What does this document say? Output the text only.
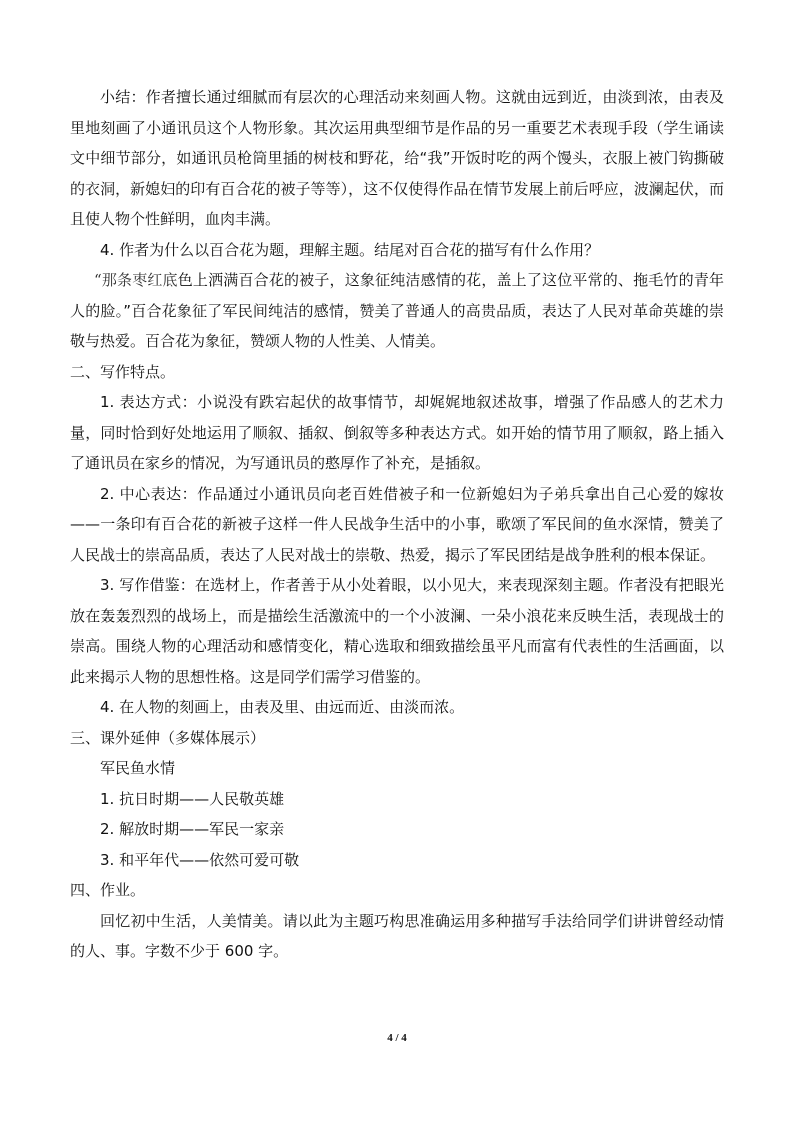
小结：作者擅长通过细腻而有层次的心理活动来刻画人物。这就由远到近，由淡到浓，由表及里地刻画了小通讯员这个人物形象。其次运用典型细节是作品的另一重要艺术表现手段（学生诵读文中细节部分，如通讯员枪筒里插的树枝和野花，给“我”开饭时吃的两个馒头，衣服上被门钩撕破的衣洞，新媳妇的印有百合花的被子等等），这不仅使得作品在情节发展上前后呼应，波澜起伏，而且使人物个性鲜明，血肉丰满。

4. 作者为什么以百合花为题，理解主题。结尾对百合花的描写有什么作用？

“那条枣红底色上洒满百合花的被子，这象征纯洁感情的花，盖上了这位平常的、拖毛竹的青年人的脸。”百合花象征了军民间纯洁的感情，赞美了普通人的高贵品质，表达了人民对革命英雄的崇敬与热爱。百合花为象征，赞颂人物的人性美、人情美。

二、写作特点。

1. 表达方式：小说没有跌宕起伏的故事情节，却娓娓地叙述故事，增强了作品感人的艺术力量，同时恰到好处地运用了顺叙、插叙、倒叙等多种表达方式。如开始的情节用了顺叙，路上插入了通讯员在家乡的情况，为写通讯员的憨厚作了补充，是插叙。

2. 中心表达：作品通过小通讯员向老百姓借被子和一位新媳妇为子弟兵拿出自己心爱的嫁妆——一条印有百合花的新被子这样一件人民战争生活中的小事，歌颂了军民间的鱼水深情，赞美了人民战士的崇高品质，表达了人民对战士的崇敬、热爱，揭示了军民团结是战争胜利的根本保证。

3. 写作借鉴：在选材上，作者善于从小处着眼，以小见大，来表现深刻主题。作者没有把眼光放在轰轰烈烈的战场上，而是描绘生活激流中的一个小波澜、一朵小浪花来反映生活，表现战士的崇高。围绕人物的心理活动和感情变化，精心选取和细致描绘虽平凡而富有代表性的生活画面，以此来揭示人物的思想性格。这是同学们需学习借鉴的。

4. 在人物的刻画上，由表及里、由远而近、由淡而浓。

三、课外延伸（多媒体展示）

军民鱼水情

1. 抗日时期——人民敬英雄

2. 解放时期——军民一家亲

3. 和平年代——依然可爱可敬

四、作业。

回忆初中生活，人美情美。请以此为主题巧构思准确运用多种描写手法给同学们讲讲曾经动情的人、事。字数不少于 600 字。

4 / 4
